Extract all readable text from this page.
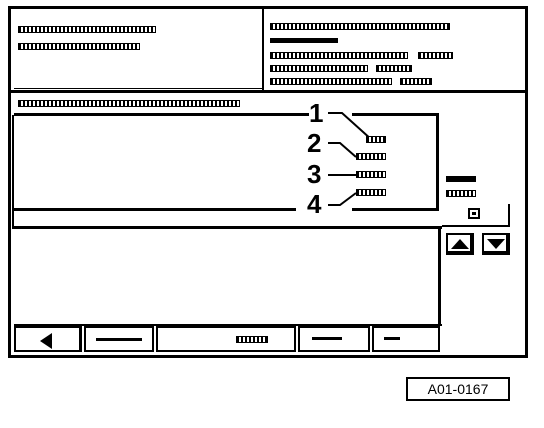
1
2
3
4
A01-0167
